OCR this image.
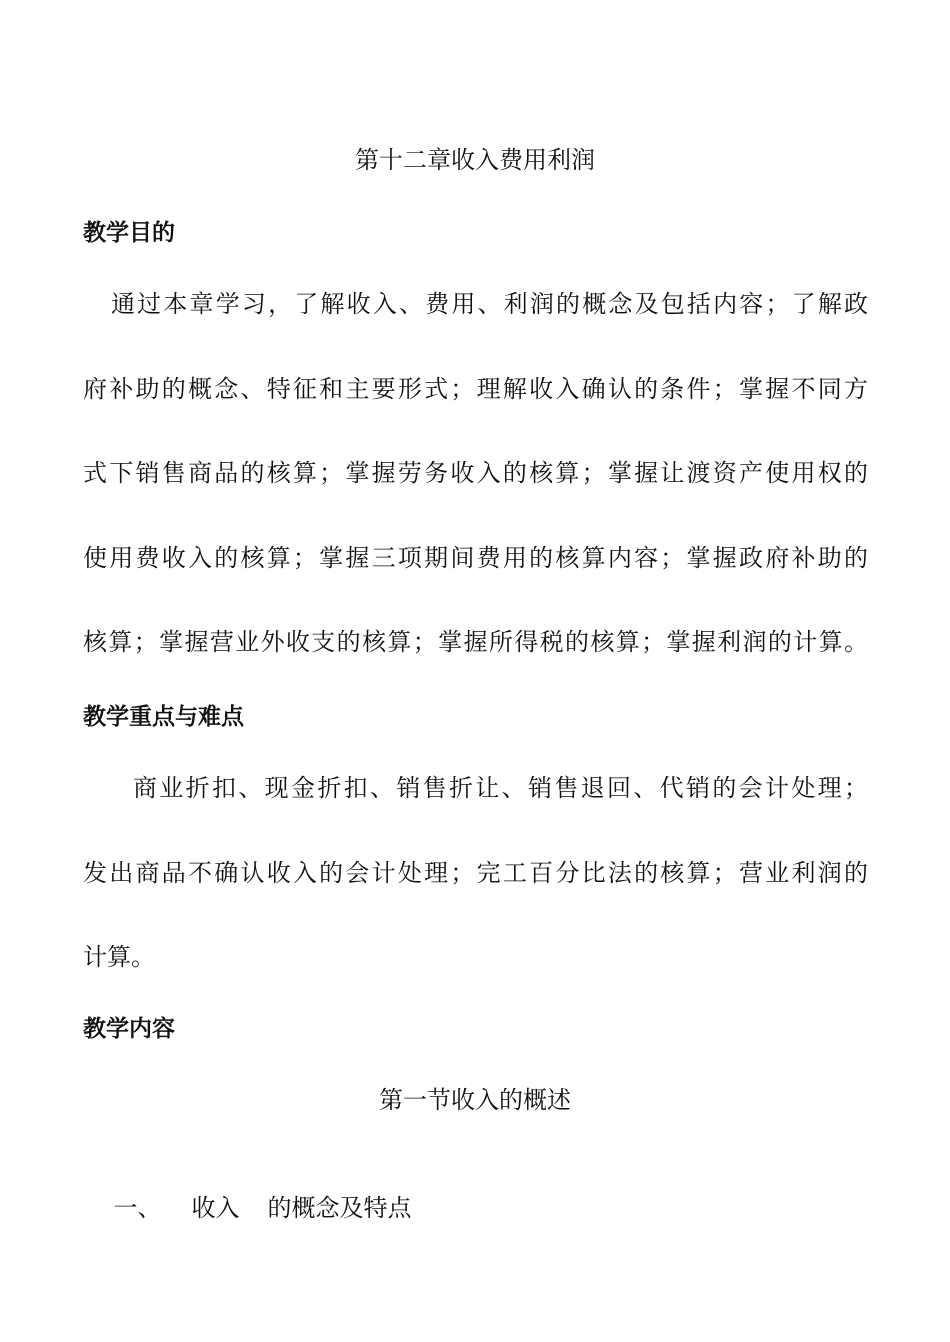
第十二章收入费用利润
教学目的
通过本章学习，了解收入、费用、利润的概念及包括内容；了解政
府补助的概念、特征和主要形式；理解收入确认的条件；掌握不同方
式下销售商品的核算；掌握劳务收入的核算；掌握让渡资产使用权的
使用费收入的核算；掌握三项期间费用的核算内容；掌握政府补助的
核算；掌握营业外收支的核算；掌握所得税的核算；掌握利润的计算。
教学重点与难点
商业折扣、现金折扣、销售折让、销售退回、代销的会计处理；
发出商品不确认收入的会计处理；完工百分比法的核算；营业利润的
计算。
教学内容
第一节收入的概述

一、 收入 的概念及特点
